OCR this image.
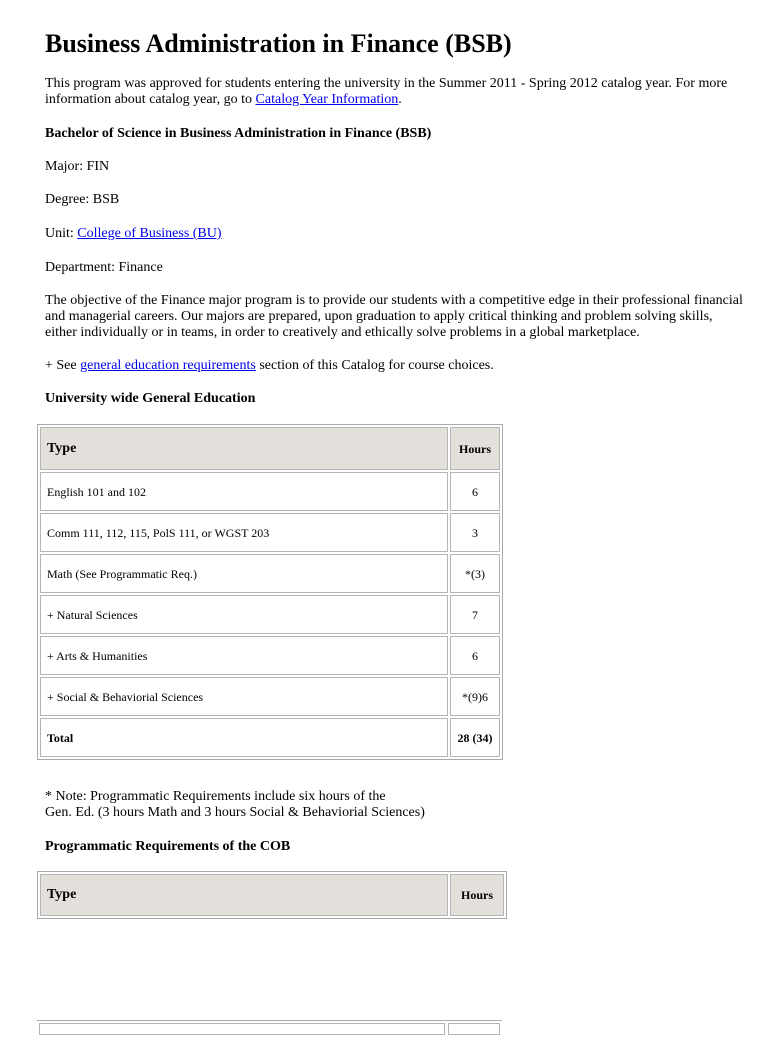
Business Administration in Finance (BSB)

This program was approved for students entering the university in the Summer 2011 - Spring 2012 catalog year. For more information about catalog year, go to Catalog Year Information.

Bachelor of Science in Business Administration in Finance (BSB)

Major: FIN

Degree: BSB

Unit: College of Business (BU)

Department: Finance

The objective of the Finance major program is to provide our students with a competitive edge in their professional financial and managerial careers. Our majors are prepared, upon graduation to apply critical thinking and problem solving skills, either individually or in teams, in order to creatively and ethically solve problems in a global marketplace.

+ See general education requirements section of this Catalog for course choices.

University wide General Education

* Note: Programmatic Requirements include six hours of the
Gen. Ed. (3 hours Math and 3 hours Social & Behaviorial Sciences)

Programmatic Requirements of the COB

Type	Hours
English 101 and 102	6
Comm 111, 112, 115, PolS 111, or WGST 203	3
Math (See Programmatic Req.)	*(3)
+ Natural Sciences	7
+ Arts & Humanities	6
+ Social & Behaviorial Sciences	*(9)6
Total	28 (34)
Type	Hours
